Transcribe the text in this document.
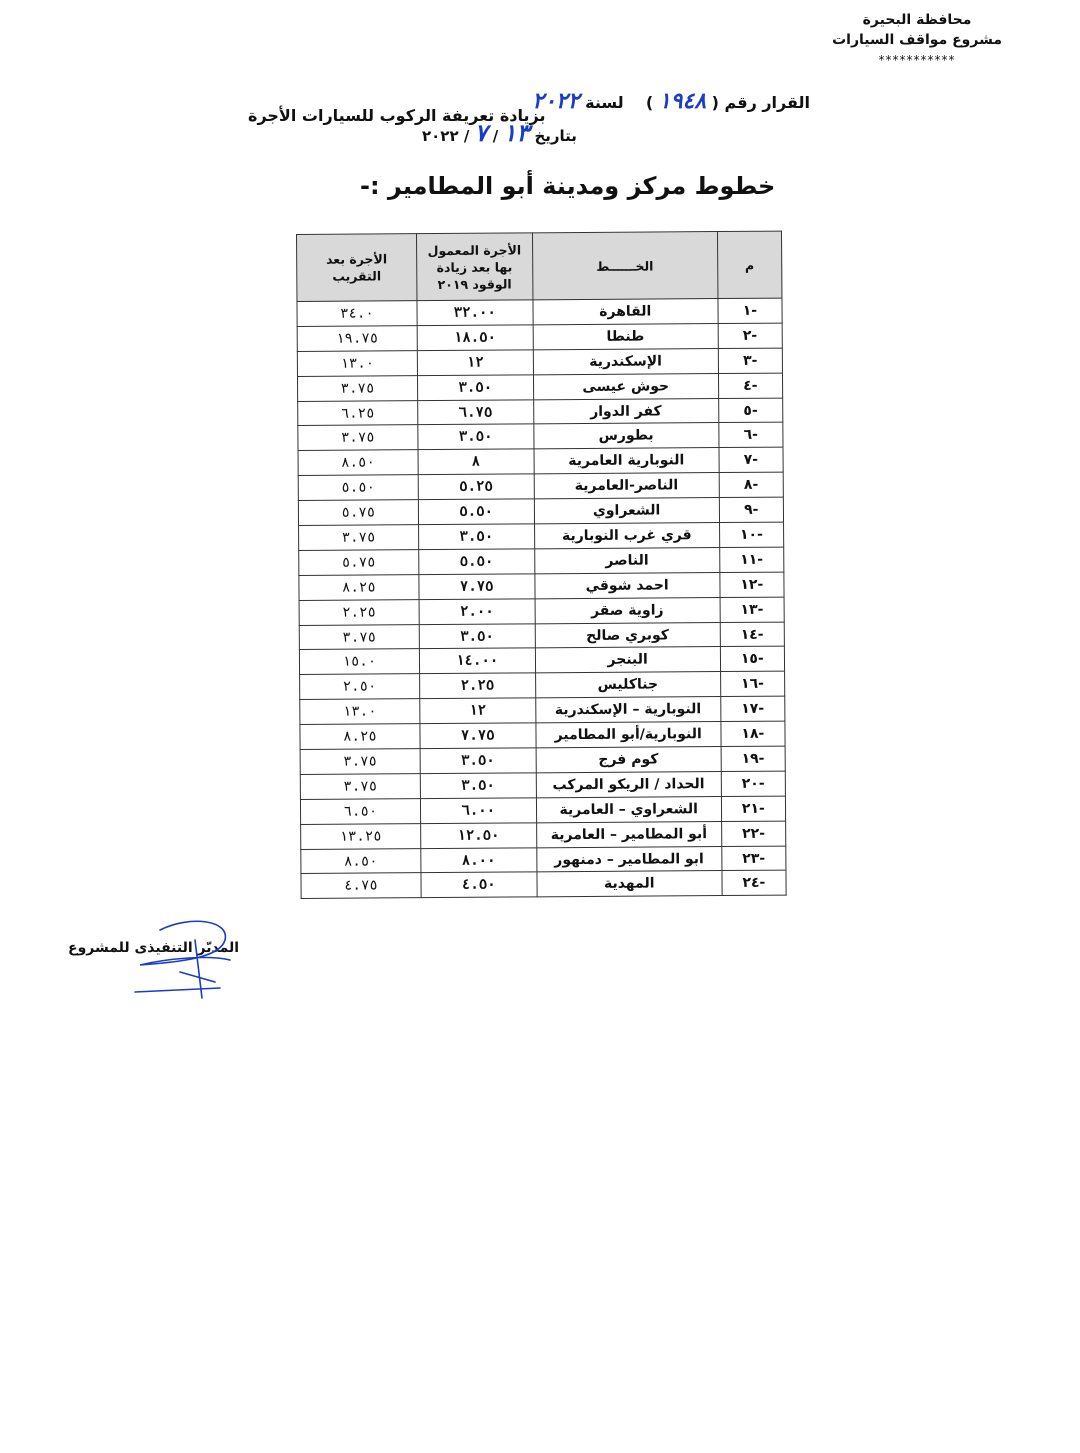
محافظة البحيرة
مشروع مواقف السيارات
***********
القرار رقم ( ١٩٤٨ )    لسنة ٢٠٢٢
بزيادة تعريفة الركوب للسيارات الأجرة
بتاريخ ١٣ / ٧ / ٢٠٢٢
خطوط مركز ومدينة أبو المطامير :-
م	الخــــــط	الأجرة المعمول بها بعد زيادة الوقود ٢٠١٩	الأجرة بعد التقريب
-١	القاهرة	٣٢.٠٠	٣٤.٠
-٢	طنطا	١٨.٥٠	١٩.٧٥
-٣	الإسكندرية	١٢	١٣.٠
-٤	حوش عيسى	٣.٥٠	٣.٧٥
-٥	كفر الدوار	٦.٧٥	٦.٢٥
-٦	بطورس	٣.٥٠	٣.٧٥
-٧	النوبارية العامرية	٨	٨.٥٠
-٨	الناصر-العامرية	٥.٢٥	٥.٥٠
-٩	الشعراوي	٥.٥٠	٥.٧٥
-١٠	قري غرب النوبارية	٣.٥٠	٣.٧٥
-١١	الناصر	٥.٥٠	٥.٧٥
-١٢	احمد شوقي	٧.٧٥	٨.٢٥
-١٣	زاوية صقر	٢.٠٠	٢.٢٥
-١٤	كوبري صالح	٣.٥٠	٣.٧٥
-١٥	البنجر	١٤.٠٠	١٥.٠
-١٦	جناكليس	٢.٢٥	٢.٥٠
-١٧	النوبارية – الإسكندرية	١٢	١٣.٠
-١٨	النوبارية/أبو المطامير	٧.٧٥	٨.٢٥
-١٩	كوم فرج	٣.٥٠	٣.٧٥
-٢٠	الحداد / الريكو المركب	٣.٥٠	٣.٧٥
-٢١	الشعراوي – العامرية	٦.٠٠	٦.٥٠
-٢٢	أبو المطامير – العامرية	١٢.٥٠	١٣.٢٥
-٢٣	ابو المطامير – دمنهور	٨.٠٠	٨.٥٠
-٢٤	المهدية	٤.٥٠	٤.٧٥
المديّر التنفيذى للمشروع
